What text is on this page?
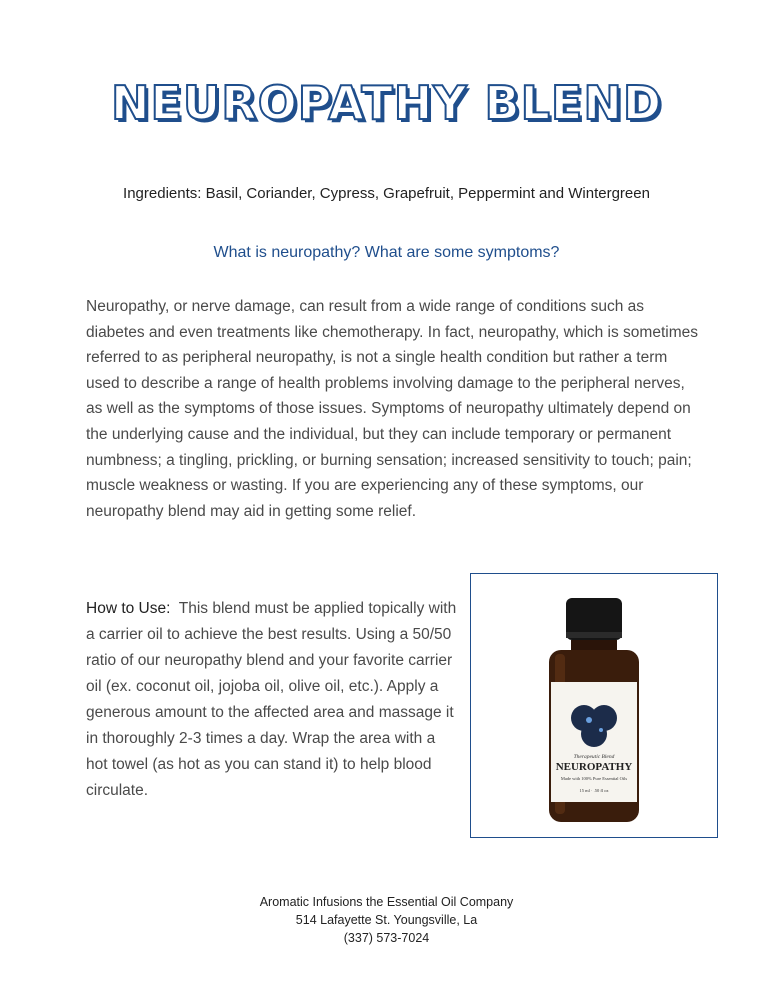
NEUROPATHY BLEND
Ingredients: Basil, Coriander, Cypress, Grapefruit, Peppermint and Wintergreen
What is neuropathy? What are some symptoms?
Neuropathy, or nerve damage, can result from a wide range of conditions such as diabetes and even treatments like chemotherapy. In fact, neuropathy, which is sometimes referred to as peripheral neuropathy, is not a single health condition but rather a term used to describe a range of health problems involving damage to the peripheral nerves, as well as the symptoms of those issues. Symptoms of neuropathy ultimately depend on the underlying cause and the individual, but they can include temporary or permanent numbness; a tingling, prickling, or burning sensation; increased sensitivity to touch; pain; muscle weakness or wasting. If you are experiencing any of these symptoms, our neuropathy blend may aid in getting some relief.
How to Use: This blend must be applied topically with a carrier oil to achieve the best results. Using a 50/50 ratio of our neuropathy blend and your favorite carrier oil (ex. coconut oil, jojoba oil, olive oil, etc.). Apply a generous amount to the affected area and massage it in thoroughly 2-3 times a day. Wrap the area with a hot towel (as hot as you can stand it) to help blood circulate.
Therapeutic Blend
NEUROPATHY
Made with 100% Pure Essential Oils
15 ml · .50 fl oz
Aromatic Infusions the Essential Oil Company
514 Lafayette St. Youngsville, La
(337) 573-7024
